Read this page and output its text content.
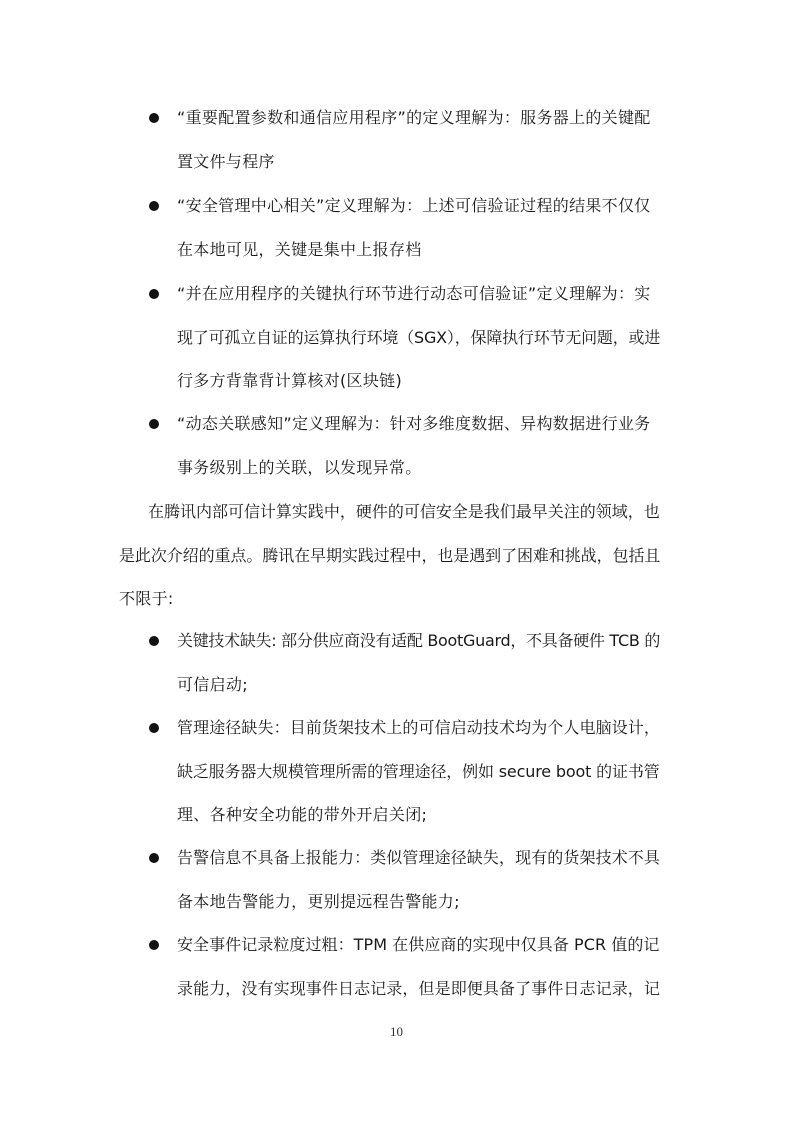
“重要配置参数和通信应用程序”的定义理解为：服务器上的关键配
置文件与程序
“安全管理中心相关”定义理解为：上述可信验证过程的结果不仅仅
在本地可见，关键是集中上报存档
“并在应用程序的关键执行环节进行动态可信验证”定义理解为：实
现了可孤立自证的运算执行环境（SGX），保障执行环节无问题，或进
行多方背靠背计算核对(区块链)
“动态关联感知”定义理解为：针对多维度数据、异构数据进行业务
事务级别上的关联，以发现异常。
在腾讯内部可信计算实践中，硬件的可信安全是我们最早关注的领域，也
是此次介绍的重点。腾讯在早期实践过程中，也是遇到了困难和挑战，包括且
不限于:
关键技术缺失: 部分供应商没有适配 BootGuard，不具备硬件 TCB 的
可信启动;
管理途径缺失：目前货架技术上的可信启动技术均为个人电脑设计，
缺乏服务器大规模管理所需的管理途径，例如 secure boot 的证书管
理、各种安全功能的带外开启关闭;
告警信息不具备上报能力：类似管理途径缺失，现有的货架技术不具
备本地告警能力，更别提远程告警能力;
安全事件记录粒度过粗：TPM 在供应商的实现中仅具备 PCR 值的记
录能力，没有实现事件日志记录，但是即便具备了事件日志记录，记
10
